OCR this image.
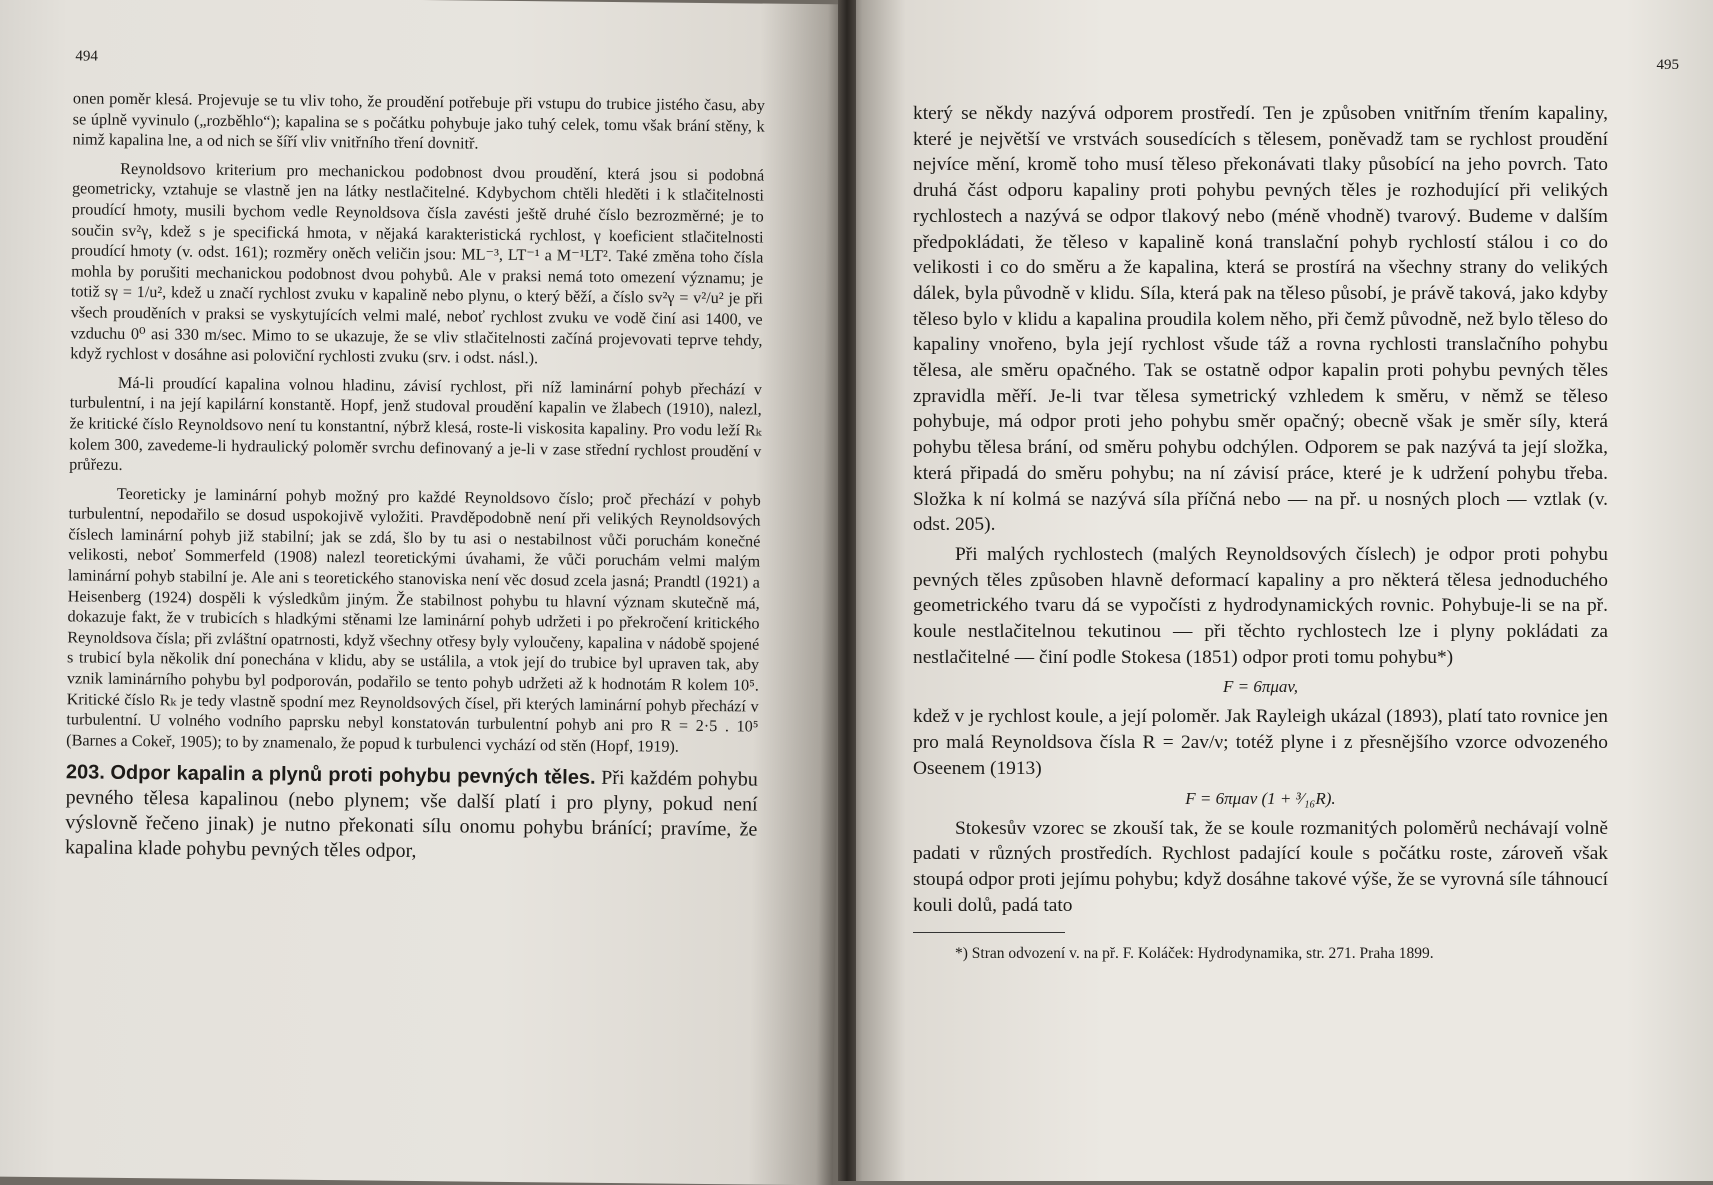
494

onen poměr klesá. Projevuje se tu vliv toho, že proudění potřebuje při vstupu do trubice jistého času, aby se úplně vyvinulo („rozběhlo“); kapalina se s počátku pohybuje jako tuhý celek, tomu však brání stěny, k nimž kapalina lne, a od nich se šíří vliv vnitřního tření dovnitř.

Reynoldsovo kriterium pro mechanickou podobnost dvou proudění, která jsou si podobná geometricky, vztahuje se vlastně jen na látky nestlačitelné. Kdybychom chtěli hleděti i k stlačitelnosti proudící hmoty, musili bychom vedle Reynoldsova čísla zavésti ještě druhé číslo bezrozměrné; je to součin sv²γ, kdež s je specifická hmota, v nějaká karakteristická rychlost, γ koeficient stlačitelnosti proudící hmoty (v. odst. 161); rozměry oněch veličin jsou: ML⁻³, LT⁻¹ a M⁻¹LT². Také změna toho čísla mohla by porušiti mechanickou podobnost dvou pohybů. Ale v praksi nemá toto omezení významu; je totiž sγ = 1/u², kdež u značí rychlost zvuku v kapalině nebo plynu, o který běží, a číslo sv²γ = v²/u² je při všech prouděních v praksi se vyskytujících velmi malé, neboť rychlost zvuku ve vodě činí asi 1400, ve vzduchu 0⁰ asi 330 m/sec. Mimo to se ukazuje, že se vliv stlačitelnosti začíná projevovati teprve tehdy, když rychlost v dosáhne asi poloviční rychlosti zvuku (srv. i odst. násl.).

Má-li proudící kapalina volnou hladinu, závisí rychlost, při níž laminární pohyb přechází v turbulentní, i na její kapilární konstantě. Hopf, jenž studoval proudění kapalin ve žlabech (1910), nalezl, že kritické číslo Reynoldsovo není tu konstantní, nýbrž klesá, roste-li viskosita kapaliny. Pro vodu leží Rₖ kolem 300, zavedeme-li hydraulický poloměr svrchu definovaný a je-li v zase střední rychlost proudění v průřezu.

Teoreticky je laminární pohyb možný pro každé Reynoldsovo číslo; proč přechází v pohyb turbulentní, nepodařilo se dosud uspokojivě vyložiti. Pravděpodobně není při velikých Reynoldsových číslech laminární pohyb již stabilní; jak se zdá, šlo by tu asi o nestabilnost vůči poruchám konečné velikosti, neboť Sommerfeld (1908) nalezl teoretickými úvahami, že vůči poruchám velmi malým laminární pohyb stabilní je. Ale ani s teoretického stanoviska není věc dosud zcela jasná; Prandtl (1921) a Heisenberg (1924) dospěli k výsledkům jiným. Že stabilnost pohybu tu hlavní význam skutečně má, dokazuje fakt, že v trubicích s hladkými stěnami lze laminární pohyb udržeti i po překročení kritického Reynoldsova čísla; při zvláštní opatrnosti, když všechny otřesy byly vyloučeny, kapalina v nádobě spojené s trubicí byla několik dní ponechána v klidu, aby se ustálila, a vtok její do trubice byl upraven tak, aby vznik laminárního pohybu byl podporován, podařilo se tento pohyb udržeti až k hodnotám R kolem 10⁵. Kritické číslo Rₖ je tedy vlastně spodní mez Reynoldsových čísel, při kterých laminární pohyb přechází v turbulentní. U volného vodního paprsku nebyl konstatován turbulentní pohyb ani pro R = 2·5 . 10⁵ (Barnes a Cokeř, 1905); to by znamenalo, že popud k turbulenci vychází od stěn (Hopf, 1919).

203. Odpor kapalin a plynů proti pohybu pevných těles. Při každém pohybu pevného tělesa kapalinou (nebo plynem; vše další platí i pro plyny, pokud není výslovně řečeno jinak) je nutno překonati sílu onomu pohybu bránící; pravíme, že kapalina klade pohybu pevných těles odpor,
495

který se někdy nazývá odporem prostředí. Ten je způsoben vnitřním třením kapaliny, které je největší ve vrstvách sousedících s tělesem, poněvadž tam se rychlost proudění nejvíce mění, kromě toho musí těleso překonávati tlaky působící na jeho povrch. Tato druhá část odporu kapaliny proti pohybu pevných těles je rozhodující při velikých rychlostech a nazývá se odpor tlakový nebo (méně vhodně) tvarový. Budeme v dalším předpokládati, že těleso v kapalině koná translační pohyb rychlostí stálou i co do velikosti i co do směru a že kapalina, která se prostírá na všechny strany do velikých dálek, byla původně v klidu. Síla, která pak na těleso působí, je právě taková, jako kdyby těleso bylo v klidu a kapalina proudila kolem něho, při čemž původně, než bylo těleso do kapaliny vnořeno, byla její rychlost všude táž a rovna rychlosti translačního pohybu tělesa, ale směru opačného. Tak se ostatně odpor kapalin proti pohybu pevných těles zpravidla měří. Je-li tvar tělesa symetrický vzhledem k směru, v němž se těleso pohybuje, má odpor proti jeho pohybu směr opačný; obecně však je směr síly, která pohybu tělesa brání, od směru pohybu odchýlen. Odporem se pak nazývá ta její složka, která připadá do směru pohybu; na ní závisí práce, které je k udržení pohybu třeba. Složka k ní kolmá se nazývá síla příčná nebo — na př. u nosných ploch — vztlak (v. odst. 205).

Při malých rychlostech (malých Reynoldsových číslech) je odpor proti pohybu pevných těles způsoben hlavně deformací kapaliny a pro některá tělesa jednoduchého geometrického tvaru dá se vypočísti z hydrodynamických rovnic. Pohybuje-li se na př. koule nestlačitelnou tekutinou — při těchto rychlostech lze i plyny pokládati za nestlačitelné — činí podle Stokesa (1851) odpor proti tomu pohybu*)

F = 6πμav,

kdež v je rychlost koule, a její poloměr. Jak Rayleigh ukázal (1893), platí tato rovnice jen pro malá Reynoldsova čísla R = 2av/ν; totéž plyne i z přesnějšího vzorce odvozeného Oseenem (1913)

F = 6πμav (1 + ³⁄₁₆R).

Stokesův vzorec se zkouší tak, že se koule rozmanitých poloměrů nechávají volně padati v různých prostředích. Rychlost padající koule s počátku roste, zároveň však stoupá odpor proti jejímu pohybu; když dosáhne takové výše, že se vyrovná síle táhnoucí kouli dolů, padá tato

*) Stran odvození v. na př. F. Koláček: Hydrodynamika, str. 271. Praha 1899.
